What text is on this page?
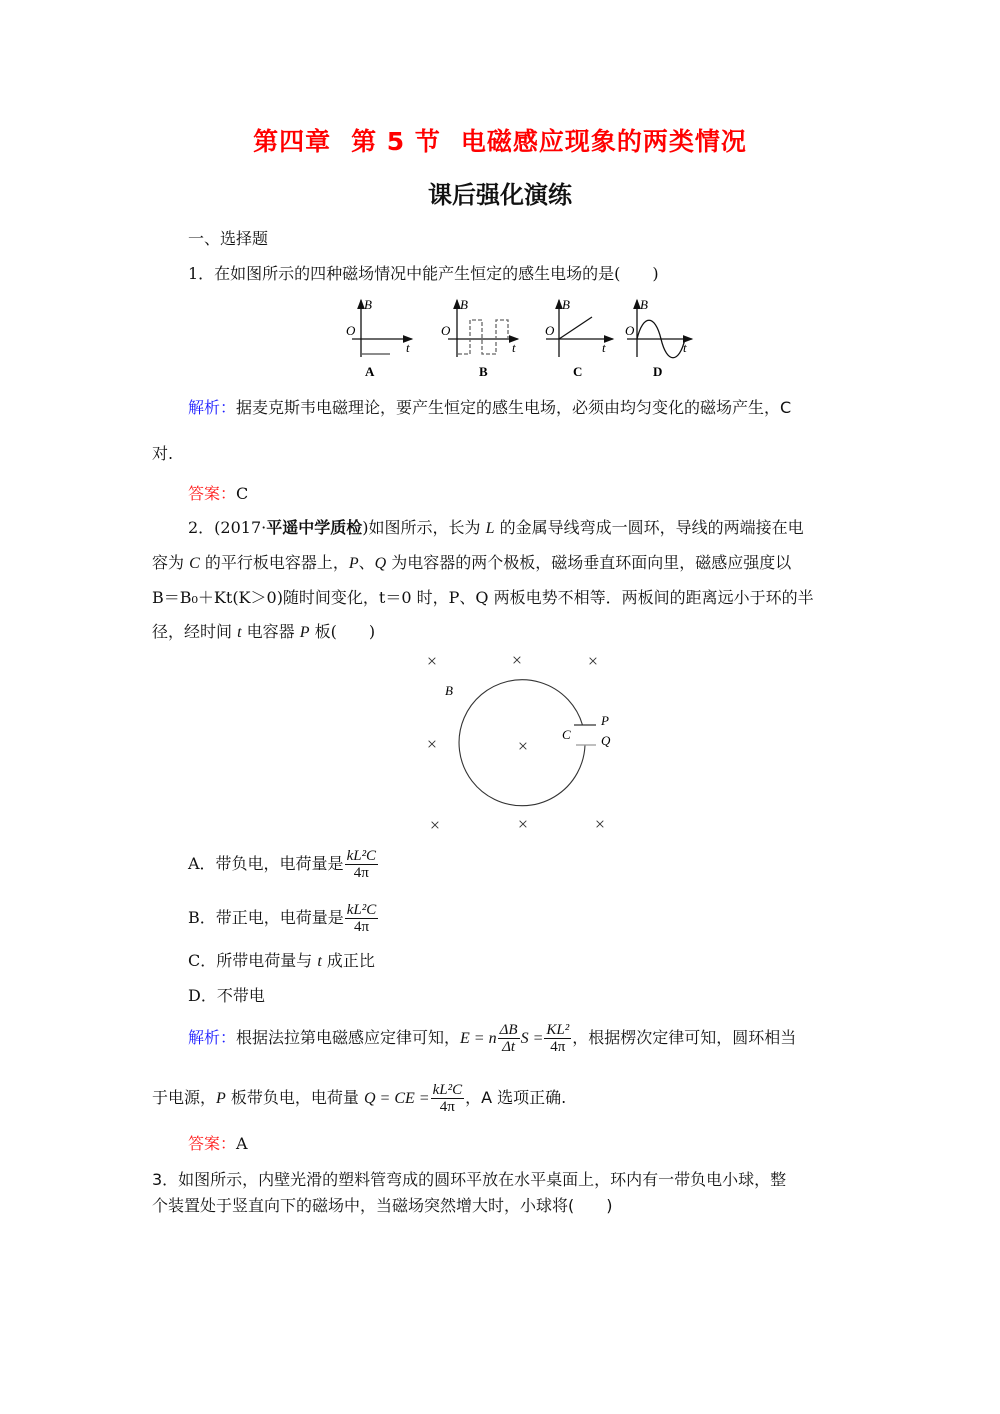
第四章 第 5 节 电磁感应现象的两类情况
课后强化演练
一、选择题
1．在如图所示的四种磁场情况中能产生恒定的感生电场的是(　　)
B
O
t
A
B
O
t
B
B
O
t
C
B
O
t
D
解析：据麦克斯韦电磁理论，要产生恒定的感生电场，必须由均匀变化的磁场产生，C
对.
答案：C
2．(2017·平遥中学质检)如图所示，长为 L 的金属导线弯成一圆环，导线的两端接在电
容为 C 的平行板电容器上，P、Q 为电容器的两个极板，磁场垂直环面向里，磁感应强度以
B＝B₀＋Kt(K＞0)随时间变化，t＝0 时，P、Q 两板电势不相等．两板间的距离远小于环的半
径，经时间 t 电容器 P 板(　　)
×	×	×
×	×
×	×	×
B
C
P
Q
A．带负电，电荷量是 $\frac{\text{kL²C}}{4\pi}$
B．带正电，电荷量是 $\frac{\text{kL²C}}{4\pi}$
C．所带电荷量与 t 成正比
D．不带电
解析：根据法拉第电磁感应定律可知，E = n $\frac{\Delta B}{\Delta t}$ $S = \frac{\text{KL²}}{4\pi}$ ，根据楞次定律可知，圆环相当
于电源，P 板带负电，电荷量 Q = CE = $\frac{\text{kL²C}}{4\pi}$ ，A 选项正确.
答案：A
3．如图所示，内壁光滑的塑料管弯成的圆环平放在水平桌面上，环内有一带负电小球，整
个装置处于竖直向下的磁场中，当磁场突然增大时，小球将(　　)
